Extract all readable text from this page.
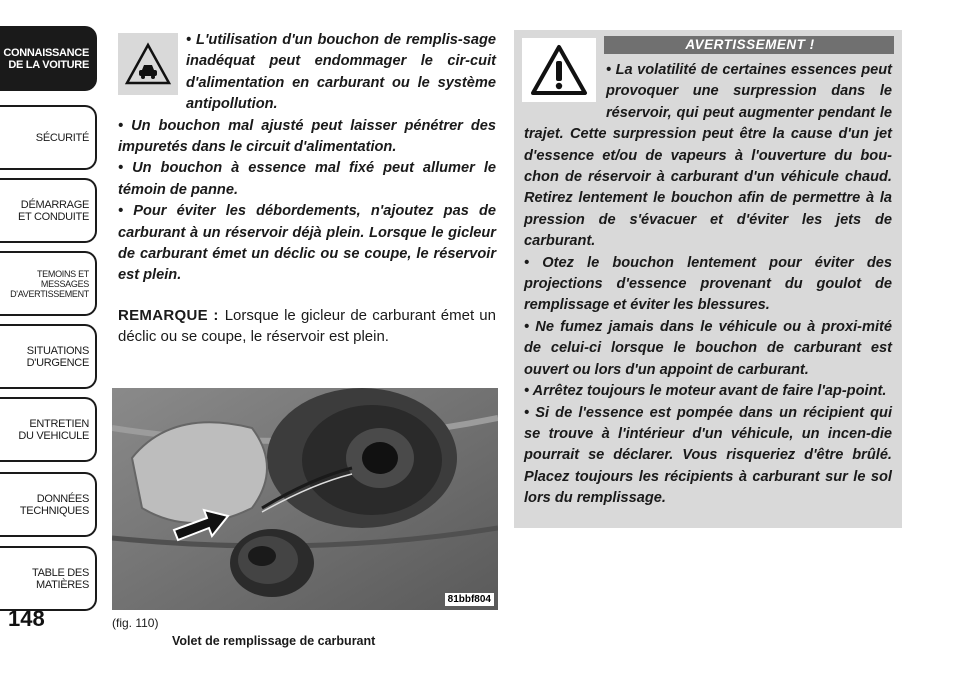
CONNAISSANCE
DE LA VOITURE
SÉCURITÉ
DÉMARRAGE
ET CONDUITE
TEMOINS ET
MESSAGES
D'AVERTISSEMENT
SITUATIONS
D'URGENCE
ENTRETIEN
DU VEHICULE
DONNÉES
TECHNIQUES
TABLE DES
MATIÈRES
148

• L'utilisation d'un bouchon de remplis-sage inadéquat peut endommager le cir-cuit d'alimentation en carburant ou le système antipollution.

• Un bouchon mal ajusté peut laisser pénétrer des impuretés dans le circuit d'alimentation.

• Un bouchon à essence mal fixé peut allumer le témoin de panne.

• Pour éviter les débordements, n'ajoutez pas de carburant à un réservoir déjà plein. Lorsque le gicleur de carburant émet un déclic ou se coupe, le réservoir est plein.

REMARQUE : Lorsque le gicleur de carburant émet un déclic ou se coupe, le réservoir est plein.
81bbf804
(fig. 110)
Volet de remplissage de carburant
AVERTISSEMENT !

• La volatilité de certaines essences peut provoquer une surpression dans le réservoir, qui peut augmenter pendant le trajet. Cette surpression peut être la cause d'un jet d'essence et/ou de vapeurs à l'ouverture du bou-chon de réservoir à carburant d'un véhicule chaud. Retirez lentement le bouchon afin de permettre à la pression de s'évacuer et d'éviter les jets de carburant.

• Otez le bouchon lentement pour éviter des projections d'essence provenant du goulot de remplissage et éviter les blessures.

• Ne fumez jamais dans le véhicule ou à proxi-mité de celui-ci lorsque le bouchon de carburant est ouvert ou lors d'un appoint de carburant.

• Arrêtez toujours le moteur avant de faire l'ap-point.

• Si de l'essence est pompée dans un récipient qui se trouve à l'intérieur d'un véhicule, un incen-die pourrait se déclarer. Vous risqueriez d'être brûlé. Placez toujours les récipients à carburant sur le sol lors du remplissage.
